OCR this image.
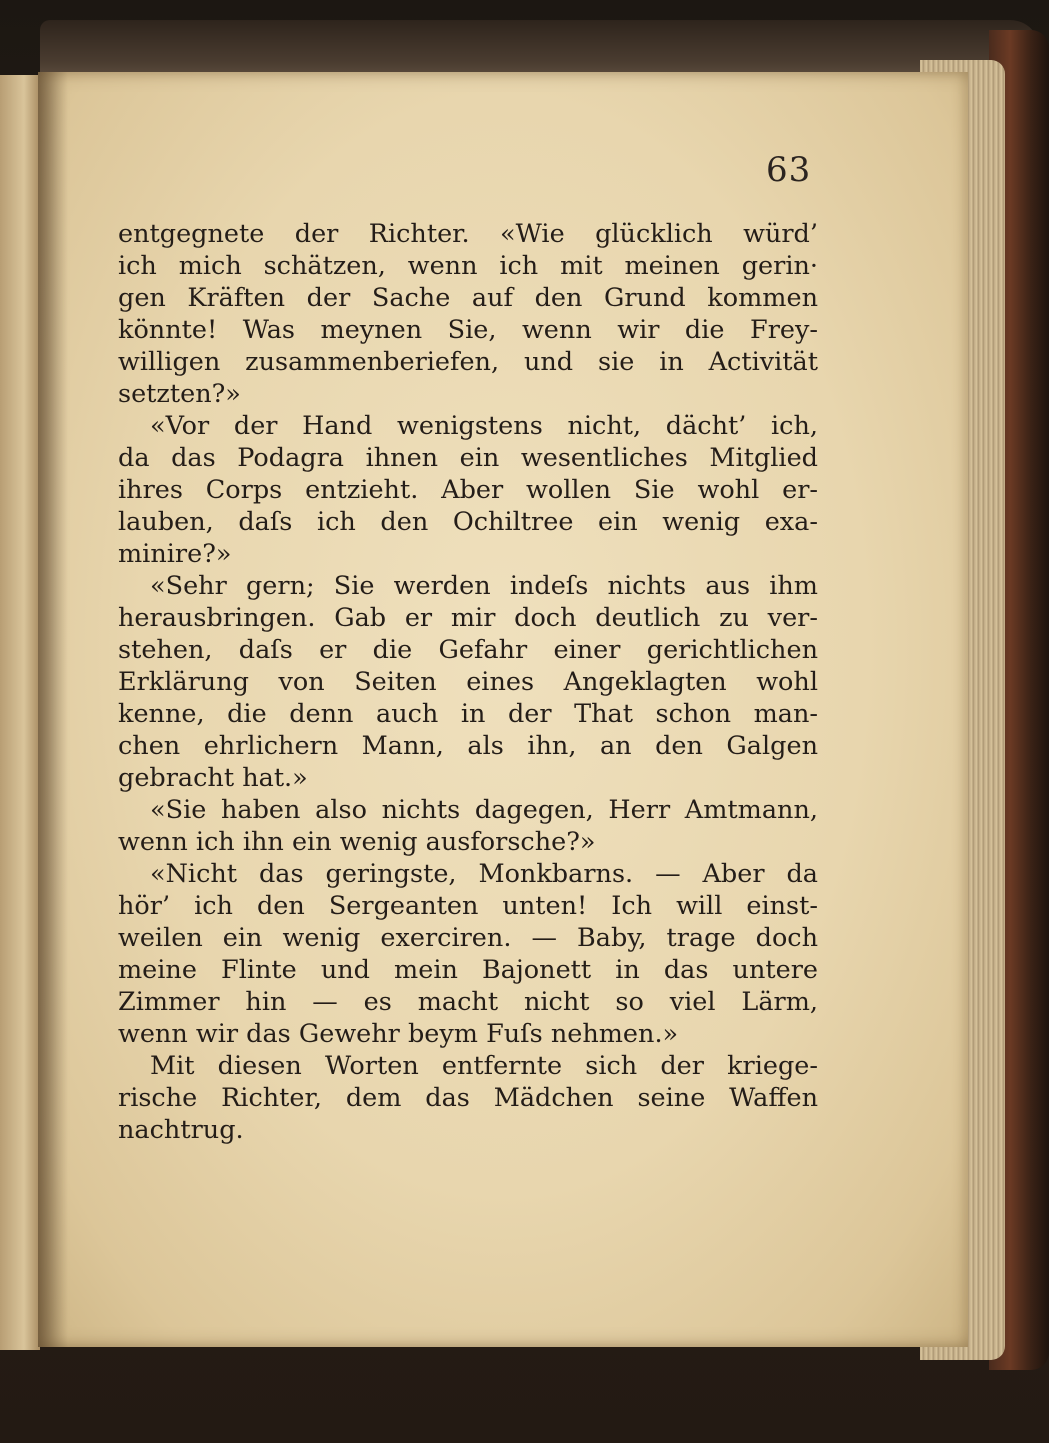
63
entgegnete der Richter. «Wie glücklich würd’
ich mich schätzen, wenn ich mit meinen gerin·
gen Kräften der Sache auf den Grund kommen
könnte! Was meynen Sie, wenn wir die Frey-
willigen zusammenberiefen, und sie in Activität
setzten?»
«Vor der Hand wenigstens nicht, dächt’ ich,
da das Podagra ihnen ein wesentliches Mitglied
ihres Corps entzieht. Aber wollen Sie wohl er-
lauben, daſs ich den Ochiltree ein wenig exa-
minire?»
«Sehr gern; Sie werden indeſs nichts aus ihm
herausbringen. Gab er mir doch deutlich zu ver-
stehen, daſs er die Gefahr einer gerichtlichen
Erklärung von Seiten eines Angeklagten wohl
kenne, die denn auch in der That schon man-
chen ehrlichern Mann, als ihn, an den Galgen
gebracht hat.»
«Sie haben also nichts dagegen, Herr Amtmann,
wenn ich ihn ein wenig ausforsche?»
«Nicht das geringste, Monkbarns. — Aber da
hör’ ich den Sergeanten unten! Ich will einst-
weilen ein wenig exerciren. — Baby, trage doch
meine Flinte und mein Bajonett in das untere
Zimmer hin — es macht nicht so viel Lärm,
wenn wir das Gewehr beym Fuſs nehmen.»
Mit diesen Worten entfernte sich der kriege-
rische Richter, dem das Mädchen seine Waffen
nachtrug.
